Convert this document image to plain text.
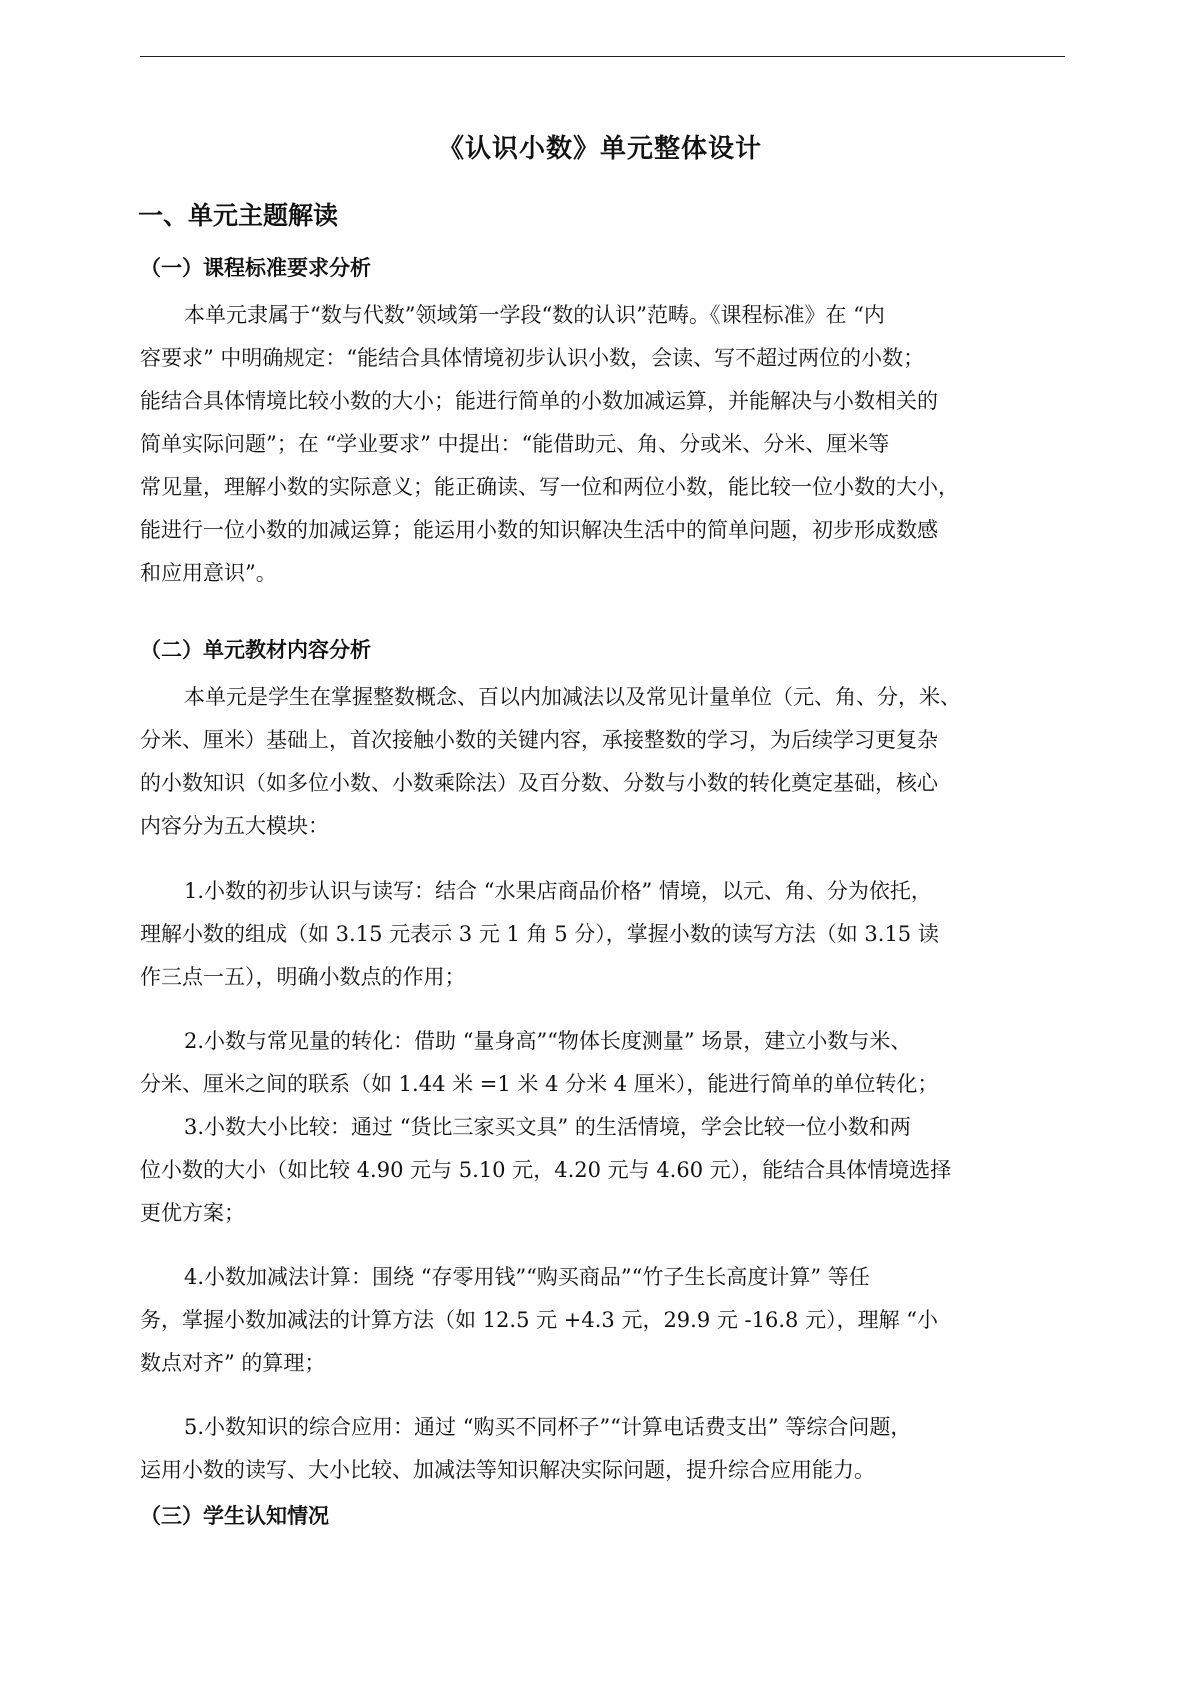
《认识小数》单元整体设计
一、单元主题解读
（一）课程标准要求分析
本单元隶属于“数与代数”领域第一学段“数的认识”范畴。《课程标准》在 “内
容要求” 中明确规定：“能结合具体情境初步认识小数，会读、写不超过两位的小数；
能结合具体情境比较小数的大小；能进行简单的小数加减运算，并能解决与小数相关的
简单实际问题”；在 “学业要求” 中提出：“能借助元、角、分或米、分米、厘米等
常见量，理解小数的实际意义；能正确读、写一位和两位小数，能比较一位小数的大小，
能进行一位小数的加减运算；能运用小数的知识解决生活中的简单问题，初步形成数感
和应用意识”。
（二）单元教材内容分析
本单元是学生在掌握整数概念、百以内加减法以及常见计量单位（元、角、分，米、
分米、厘米）基础上，首次接触小数的关键内容，承接整数的学习，为后续学习更复杂
的小数知识（如多位小数、小数乘除法）及百分数、分数与小数的转化奠定基础，核心
内容分为五大模块：
1.小数的初步认识与读写：结合 “水果店商品价格” 情境，以元、角、分为依托，
理解小数的组成（如 3.15 元表示 3 元 1 角 5 分），掌握小数的读写方法（如 3.15 读
作三点一五），明确小数点的作用；
2.小数与常见量的转化：借助 “量身高”“物体长度测量” 场景，建立小数与米、
分米、厘米之间的联系（如 1.44 米 =1 米 4 分米 4 厘米），能进行简单的单位转化；
3.小数大小比较：通过 “货比三家买文具” 的生活情境，学会比较一位小数和两
位小数的大小（如比较 4.90 元与 5.10 元，4.20 元与 4.60 元），能结合具体情境选择
更优方案；
4.小数加减法计算：围绕 “存零用钱”“购买商品”“竹子生长高度计算” 等任
务，掌握小数加减法的计算方法（如 12.5 元 +4.3 元，29.9 元 -16.8 元），理解 “小
数点对齐” 的算理；
5.小数知识的综合应用：通过 “购买不同杯子”“计算电话费支出” 等综合问题，
运用小数的读写、大小比较、加减法等知识解决实际问题，提升综合应用能力。
（三）学生认知情况
